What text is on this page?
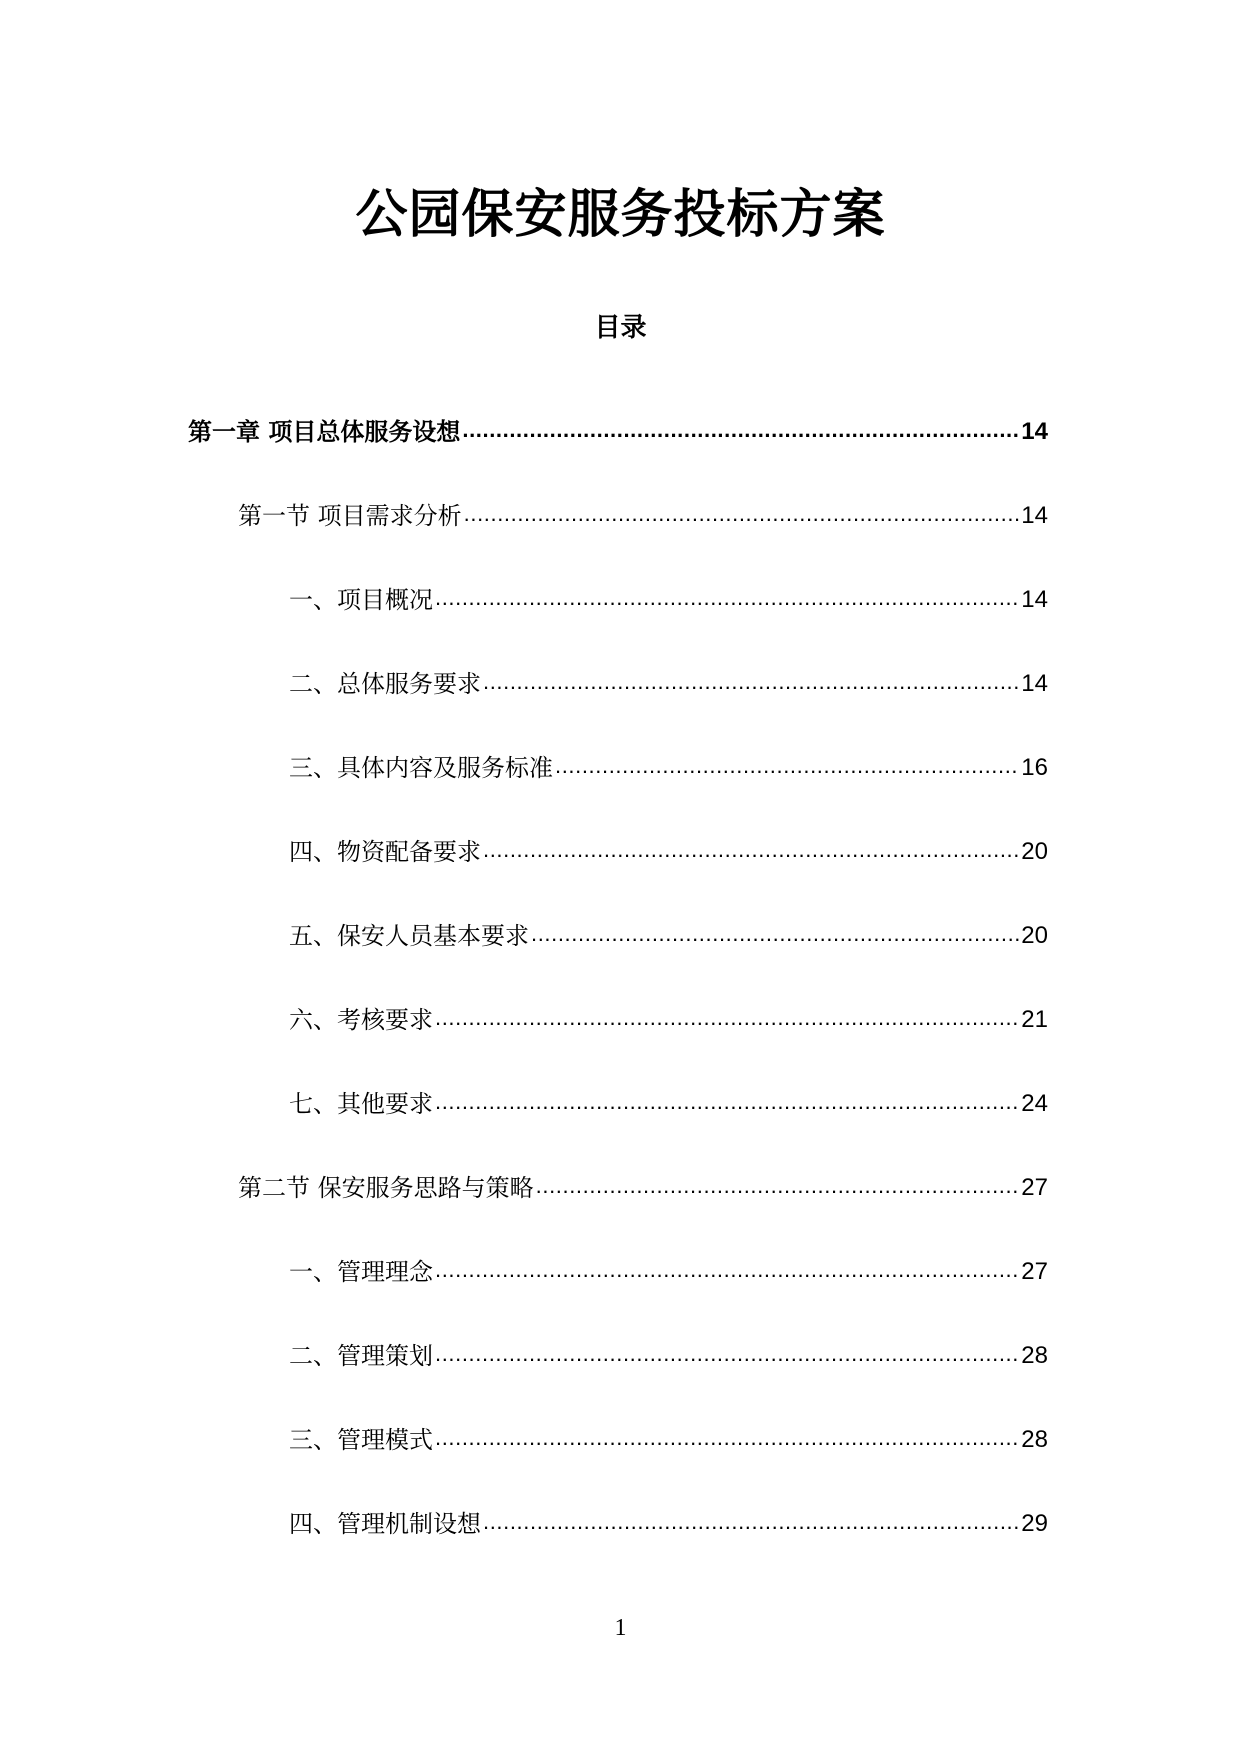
公园保安服务投标方案
目录
第一章 项目总体服务设想 .....	14
第一节 项目需求分析 .....	14
一、项目概况 .....	14
二、总体服务要求 .....	14
三、具体内容及服务标准 .....	16
四、物资配备要求 .....	20
五、保安人员基本要求 .....	20
六、考核要求 .....	21
七、其他要求 .....	24
第二节 保安服务思路与策略 .....	27
一、管理理念 .....	27
二、管理策划 .....	28
三、管理模式 .....	28
四、管理机制设想 .....	29
1
